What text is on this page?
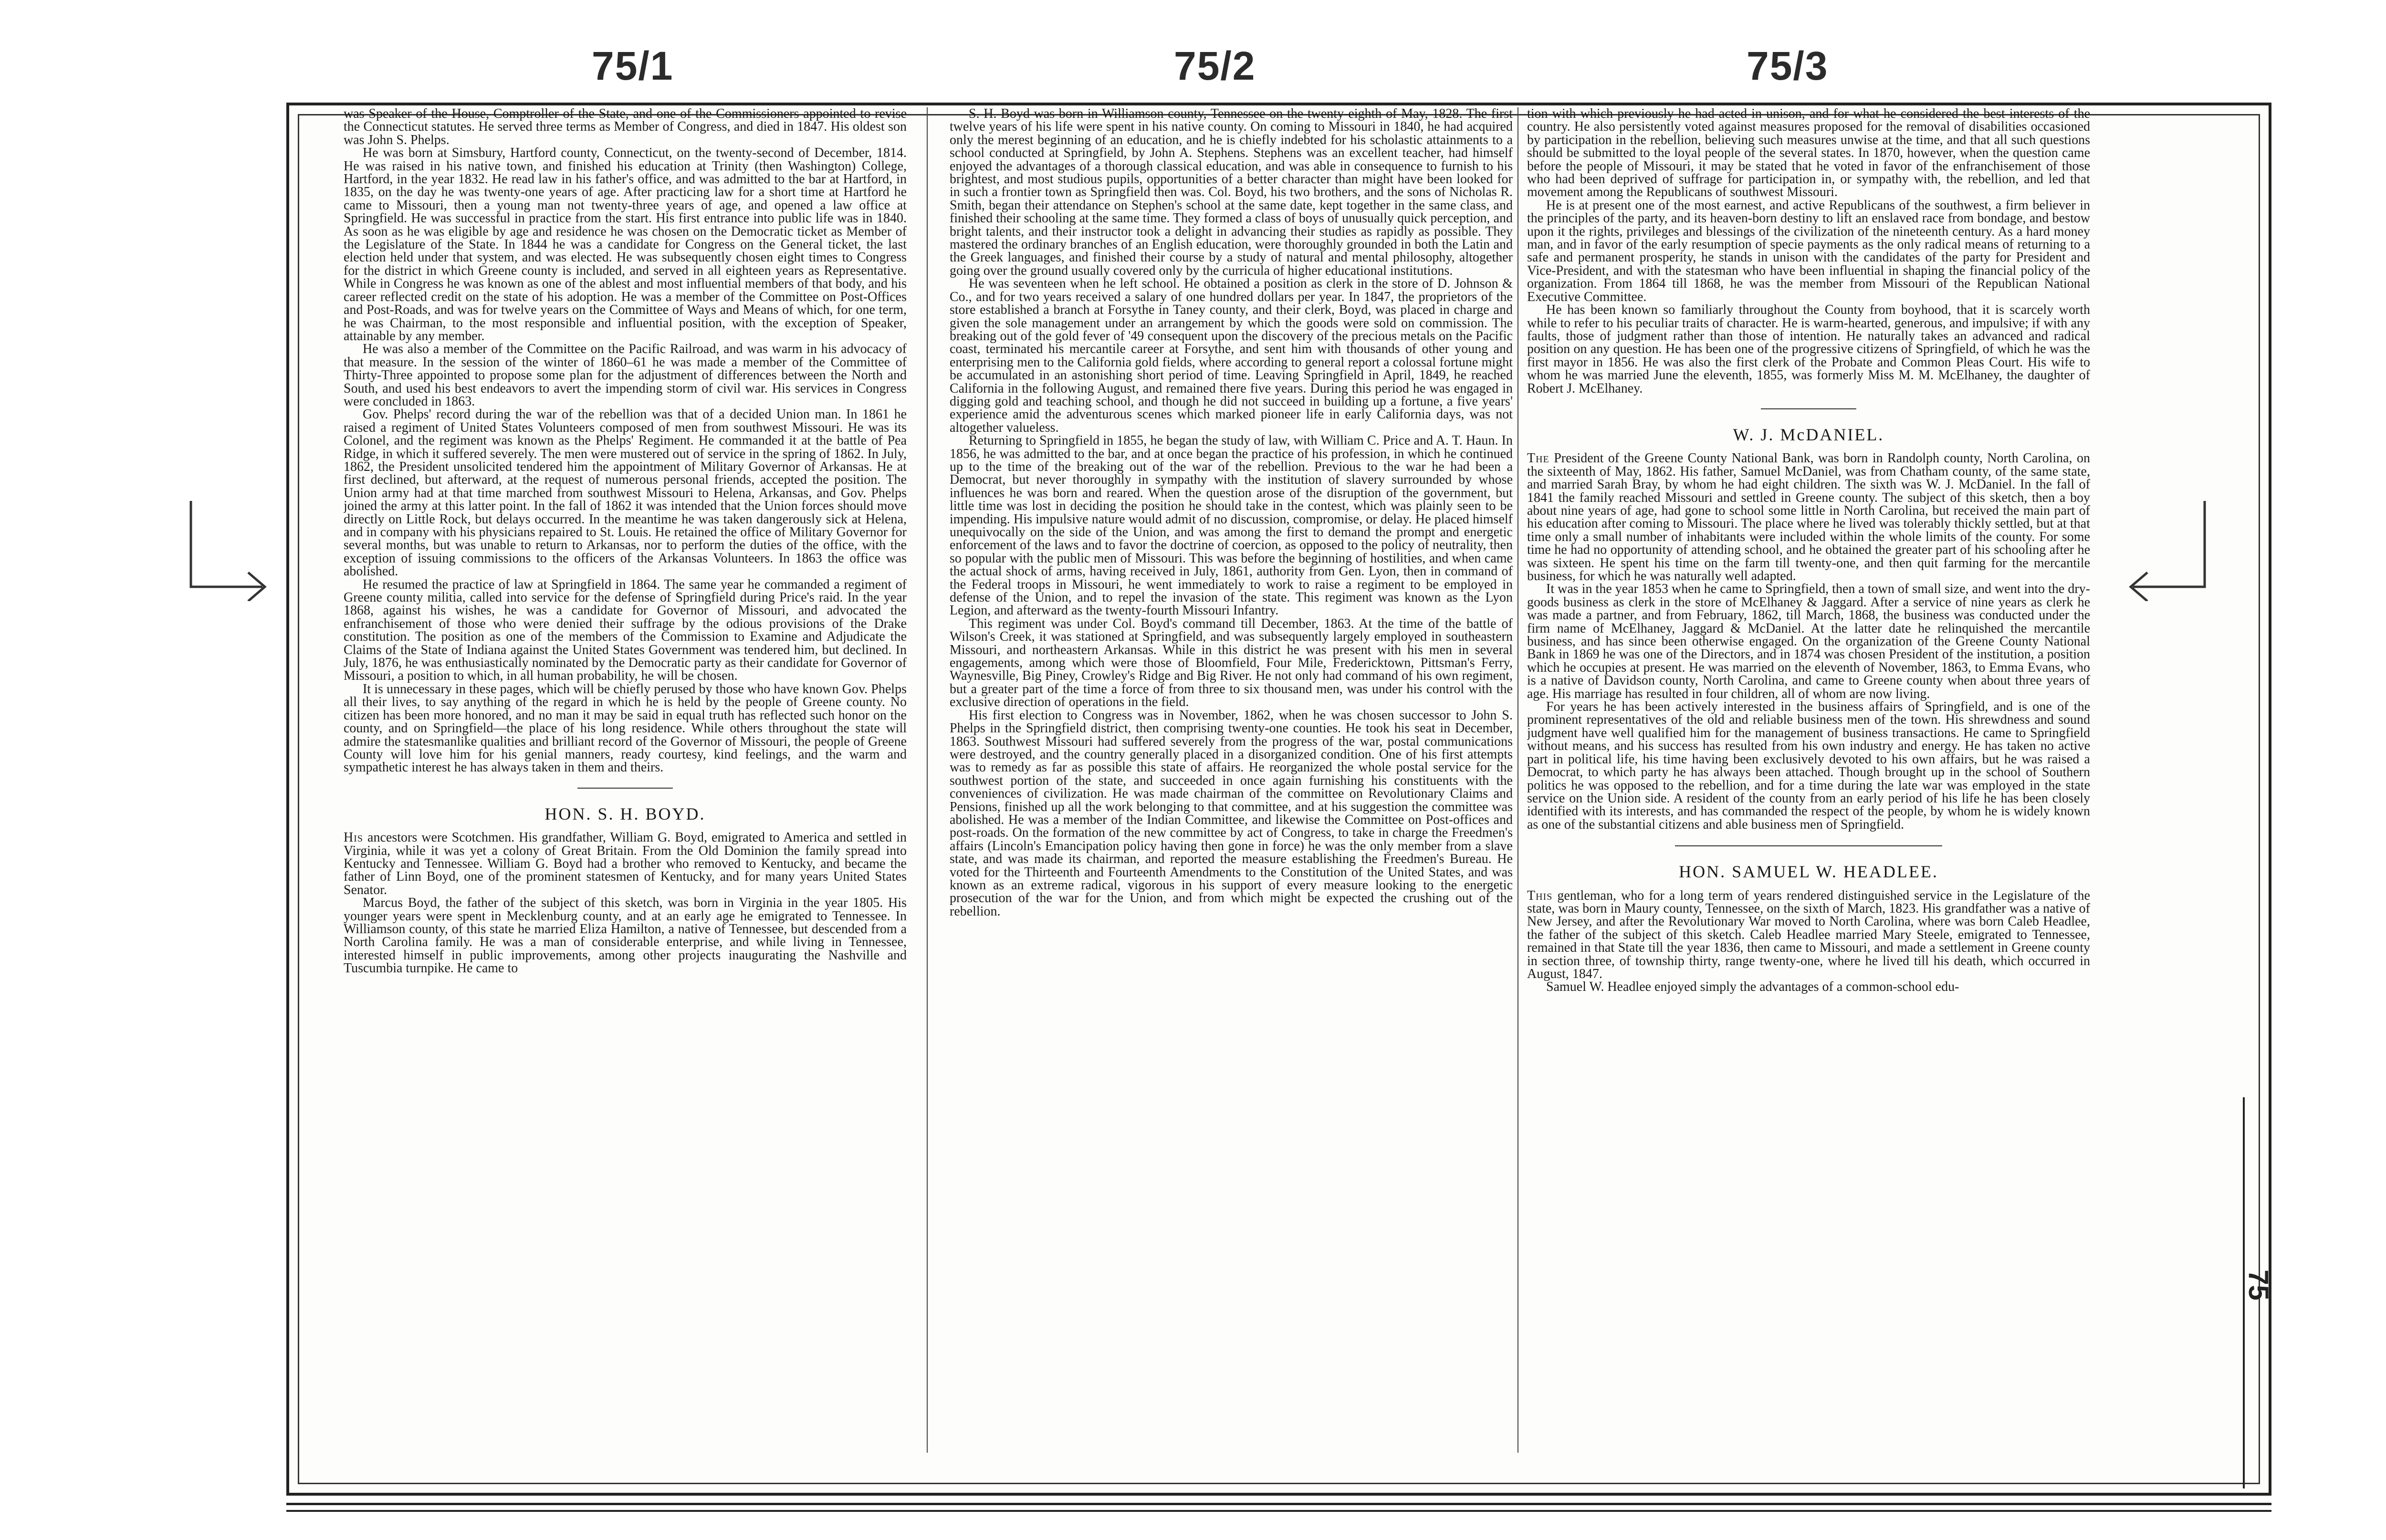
75/1	75/2	75/3

was Speaker of the House, Comptroller of the State, and one of the Commissioners appointed to revise the Connecticut statutes. He served three terms as Member of Congress, and died in 1847. His oldest son was John S. Phelps.

He was born at Simsbury, Hartford county, Connecticut, on the twenty-second of December, 1814. He was raised in his native town, and finished his education at Trinity (then Washington) College, Hartford, in the year 1832. He read law in his father's office, and was admitted to the bar at Hartford, in 1835, on the day he was twenty-one years of age. After practicing law for a short time at Hartford he came to Missouri, then a young man not twenty-three years of age, and opened a law office at Springfield. He was successful in practice from the start. His first entrance into public life was in 1840. As soon as he was eligible by age and residence he was chosen on the Democratic ticket as Member of the Legislature of the State. In 1844 he was a candidate for Congress on the General ticket, the last election held under that system, and was elected. He was subsequently chosen eight times to Congress for the district in which Greene county is included, and served in all eighteen years as Representative. While in Congress he was known as one of the ablest and most influential members of that body, and his career reflected credit on the state of his adoption. He was a member of the Committee on Post-Offices and Post-Roads, and was for twelve years on the Committee of Ways and Means of which, for one term, he was Chairman, to the most responsible and influential position, with the exception of Speaker, attainable by any member.

He was also a member of the Committee on the Pacific Railroad, and was warm in his advocacy of that measure. In the session of the winter of 1860–61 he was made a member of the Committee of Thirty-Three appointed to propose some plan for the adjustment of differences between the North and South, and used his best endeavors to avert the impending storm of civil war. His services in Congress were concluded in 1863.

Gov. Phelps' record during the war of the rebellion was that of a decided Union man. In 1861 he raised a regiment of United States Volunteers composed of men from southwest Missouri. He was its Colonel, and the regiment was known as the Phelps' Regiment. He commanded it at the battle of Pea Ridge, in which it suffered severely. The men were mustered out of service in the spring of 1862. In July, 1862, the President unsolicited tendered him the appointment of Military Governor of Arkansas. He at first declined, but afterward, at the request of numerous personal friends, accepted the position. The Union army had at that time marched from southwest Missouri to Helena, Arkansas, and Gov. Phelps joined the army at this latter point. In the fall of 1862 it was intended that the Union forces should move directly on Little Rock, but delays occurred. In the meantime he was taken dangerously sick at Helena, and in company with his physicians repaired to St. Louis. He retained the office of Military Governor for several months, but was unable to return to Arkansas, nor to perform the duties of the office, with the exception of issuing commissions to the officers of the Arkansas Volunteers. In 1863 the office was abolished.

He resumed the practice of law at Springfield in 1864. The same year he commanded a regiment of Greene county militia, called into service for the defense of Springfield during Price's raid. In the year 1868, against his wishes, he was a candidate for Governor of Missouri, and advocated the enfranchisement of those who were denied their suffrage by the odious provisions of the Drake constitution. The position as one of the members of the Commission to Examine and Adjudicate the Claims of the State of Indiana against the United States Government was tendered him, but declined. In July, 1876, he was enthusiastically nominated by the Democratic party as their candidate for Governor of Missouri, a position to which, in all human probability, he will be chosen.

It is unnecessary in these pages, which will be chiefly perused by those who have known Gov. Phelps all their lives, to say anything of the regard in which he is held by the people of Greene county. No citizen has been more honored, and no man it may be said in equal truth has reflected such honor on the county, and on Springfield—the place of his long residence. While others throughout the state will admire the statesmanlike qualities and brilliant record of the Governor of Missouri, the people of Greene County will love him for his genial manners, ready courtesy, kind feelings, and the warm and sympathetic interest he has always taken in them and theirs.

HON. S. H. BOYD.

His ancestors were Scotchmen. His grandfather, William G. Boyd, emigrated to America and settled in Virginia, while it was yet a colony of Great Britain. From the Old Dominion the family spread into Kentucky and Tennessee. William G. Boyd had a brother who removed to Kentucky, and became the father of Linn Boyd, one of the prominent statesmen of Kentucky, and for many years United States Senator.

Marcus Boyd, the father of the subject of this sketch, was born in Virginia in the year 1805. His younger years were spent in Mecklenburg county, and at an early age he emigrated to Tennessee. In Williamson county, of this state he married Eliza Hamilton, a native of Tennessee, but descended from a North Carolina family. He was a man of considerable enterprise, and while living in Tennessee, interested himself in public improvements, among other projects inaugurating the Nashville and Tuscumbia turnpike. He came to

S. H. Boyd was born in Williamson county, Tennessee on the twenty-eighth of May, 1828. The first twelve years of his life were spent in his native county. On coming to Missouri in 1840, he had acquired only the merest beginning of an education, and he is chiefly indebted for his scholastic attainments to a school conducted at Springfield, by John A. Stephens. Stephens was an excellent teacher, had himself enjoyed the advantages of a thorough classical education, and was able in consequence to furnish to his brightest, and most studious pupils, opportunities of a better character than might have been looked for in such a frontier town as Springfield then was. Col. Boyd, his two brothers, and the sons of Nicholas R. Smith, began their attendance on Stephen's school at the same date, kept together in the same class, and finished their schooling at the same time. They formed a class of boys of unusually quick perception, and bright talents, and their instructor took a delight in advancing their studies as rapidly as possible. They mastered the ordinary branches of an English education, were thoroughly grounded in both the Latin and the Greek languages, and finished their course by a study of natural and mental philosophy, altogether going over the ground usually covered only by the curricula of higher educational institutions.

He was seventeen when he left school. He obtained a position as clerk in the store of D. Johnson & Co., and for two years received a salary of one hundred dollars per year. In 1847, the proprietors of the store established a branch at Forsythe in Taney county, and their clerk, Boyd, was placed in charge and given the sole management under an arrangement by which the goods were sold on commission. The breaking out of the gold fever of '49 consequent upon the discovery of the precious metals on the Pacific coast, terminated his mercantile career at Forsythe, and sent him with thousands of other young and enterprising men to the California gold fields, where according to general report a colossal fortune might be accumulated in an astonishing short period of time. Leaving Springfield in April, 1849, he reached California in the following August, and remained there five years. During this period he was engaged in digging gold and teaching school, and though he did not succeed in building up a fortune, a five years' experience amid the adventurous scenes which marked pioneer life in early California days, was not altogether valueless.

Returning to Springfield in 1855, he began the study of law, with William C. Price and A. T. Haun. In 1856, he was admitted to the bar, and at once began the practice of his profession, in which he continued up to the time of the breaking out of the war of the rebellion. Previous to the war he had been a Democrat, but never thoroughly in sympathy with the institution of slavery surrounded by whose influences he was born and reared. When the question arose of the disruption of the government, but little time was lost in deciding the position he should take in the contest, which was plainly seen to be impending. His impulsive nature would admit of no discussion, compromise, or delay. He placed himself unequivocally on the side of the Union, and was among the first to demand the prompt and energetic enforcement of the laws and to favor the doctrine of coercion, as opposed to the policy of neutrality, then so popular with the public men of Missouri. This was before the beginning of hostilities, and when came the actual shock of arms, having received in July, 1861, authority from Gen. Lyon, then in command of the Federal troops in Missouri, he went immediately to work to raise a regiment to be employed in defense of the Union, and to repel the invasion of the state. This regiment was known as the Lyon Legion, and afterward as the twenty-fourth Missouri Infantry.

This regiment was under Col. Boyd's command till December, 1863. At the time of the battle of Wilson's Creek, it was stationed at Springfield, and was subsequently largely employed in southeastern Missouri, and northeastern Arkansas. While in this district he was present with his men in several engagements, among which were those of Bloomfield, Four Mile, Fredericktown, Pittsman's Ferry, Waynesville, Big Piney, Crowley's Ridge and Big River. He not only had command of his own regiment, but a greater part of the time a force of from three to six thousand men, was under his control with the exclusive direction of operations in the field.

His first election to Congress was in November, 1862, when he was chosen successor to John S. Phelps in the Springfield district, then comprising twenty-one counties. He took his seat in December, 1863. Southwest Missouri had suffered severely from the progress of the war, postal communications were destroyed, and the country generally placed in a disorganized condition. One of his first attempts was to remedy as far as possible this state of affairs. He reorganized the whole postal service for the southwest portion of the state, and succeeded in once again furnishing his constituents with the conveniences of civilization. He was made chairman of the committee on Revolutionary Claims and Pensions, finished up all the work belonging to that committee, and at his suggestion the committee was abolished. He was a member of the Indian Committee, and likewise the Committee on Post-offices and post-roads. On the formation of the new committee by act of Congress, to take in charge the Freedmen's affairs (Lincoln's Emancipation policy having then gone in force) he was the only member from a slave state, and was made its chairman, and reported the measure establishing the Freedmen's Bureau. He voted for the Thirteenth and Fourteenth Amendments to the Constitution of the United States, and was known as an extreme radical, vigorous in his support of every measure looking to the energetic prosecution of the war for the Union, and from which might be expected the crushing out of the rebellion.

tion with which previously he had acted in unison, and for what he considered the best interests of the country. He also persistently voted against measures proposed for the removal of disabilities occasioned by participation in the rebellion, believing such measures unwise at the time, and that all such questions should be submitted to the loyal people of the several states. In 1870, however, when the question came before the people of Missouri, it may be stated that he voted in favor of the enfranchisement of those who had been deprived of suffrage for participation in, or sympathy with, the rebellion, and led that movement among the Republicans of southwest Missouri.

He is at present one of the most earnest, and active Republicans of the southwest, a firm believer in the principles of the party, and its heaven-born destiny to lift an enslaved race from bondage, and bestow upon it the rights, privileges and blessings of the civilization of the nineteenth century. As a hard money man, and in favor of the early resumption of specie payments as the only radical means of returning to a safe and permanent prosperity, he stands in unison with the candidates of the party for President and Vice-President, and with the statesman who have been influential in shaping the financial policy of the organization. From 1864 till 1868, he was the member from Missouri of the Republican National Executive Committee.

He has been known so familiarly throughout the County from boyhood, that it is scarcely worth while to refer to his peculiar traits of character. He is warm-hearted, generous, and impulsive; if with any faults, those of judgment rather than those of intention. He naturally takes an advanced and radical position on any question. He has been one of the progressive citizens of Springfield, of which he was the first mayor in 1856. He was also the first clerk of the Probate and Common Pleas Court. His wife to whom he was married June the eleventh, 1855, was formerly Miss M. M. McElhaney, the daughter of Robert J. McElhaney.

W. J. McDANIEL.

The President of the Greene County National Bank, was born in Randolph county, North Carolina, on the sixteenth of May, 1862. His father, Samuel McDaniel, was from Chatham county, of the same state, and married Sarah Bray, by whom he had eight children. The sixth was W. J. McDaniel. In the fall of 1841 the family reached Missouri and settled in Greene county. The subject of this sketch, then a boy about nine years of age, had gone to school some little in North Carolina, but received the main part of his education after coming to Missouri. The place where he lived was tolerably thickly settled, but at that time only a small number of inhabitants were included within the whole limits of the county. For some time he had no opportunity of attending school, and he obtained the greater part of his schooling after he was sixteen. He spent his time on the farm till twenty-one, and then quit farming for the mercantile business, for which he was naturally well adapted.

It was in the year 1853 when he came to Springfield, then a town of small size, and went into the dry-goods business as clerk in the store of McElhaney & Jaggard. After a service of nine years as clerk he was made a partner, and from February, 1862, till March, 1868, the business was conducted under the firm name of McElhaney, Jaggard & McDaniel. At the latter date he relinquished the mercantile business, and has since been otherwise engaged. On the organization of the Greene County National Bank in 1869 he was one of the Directors, and in 1874 was chosen President of the institution, a position which he occupies at present. He was married on the eleventh of November, 1863, to Emma Evans, who is a native of Davidson county, North Carolina, and came to Greene county when about three years of age. His marriage has resulted in four children, all of whom are now living.

For years he has been actively interested in the business affairs of Springfield, and is one of the prominent representatives of the old and reliable business men of the town. His shrewdness and sound judgment have well qualified him for the management of business transactions. He came to Springfield without means, and his success has resulted from his own industry and energy. He has taken no active part in political life, his time having been exclusively devoted to his own affairs, but he was raised a Democrat, to which party he has always been attached. Though brought up in the school of Southern politics he was opposed to the rebellion, and for a time during the late war was employed in the state service on the Union side. A resident of the county from an early period of his life he has been closely identified with its interests, and has commanded the respect of the people, by whom he is widely known as one of the substantial citizens and able business men of Springfield.

HON. SAMUEL W. HEADLEE.

This gentleman, who for a long term of years rendered distinguished service in the Legislature of the state, was born in Maury county, Tennessee, on the sixth of March, 1823. His grandfather was a native of New Jersey, and after the Revolutionary War moved to North Carolina, where was born Caleb Headlee, the father of the subject of this sketch. Caleb Headlee married Mary Steele, emigrated to Tennessee, remained in that State till the year 1836, then came to Missouri, and made a settlement in Greene county in section three, of township thirty, range twenty-one, where he lived till his death, which occurred in August, 1847.

Samuel W. Headlee enjoyed simply the advantages of a common-school edu-

75
